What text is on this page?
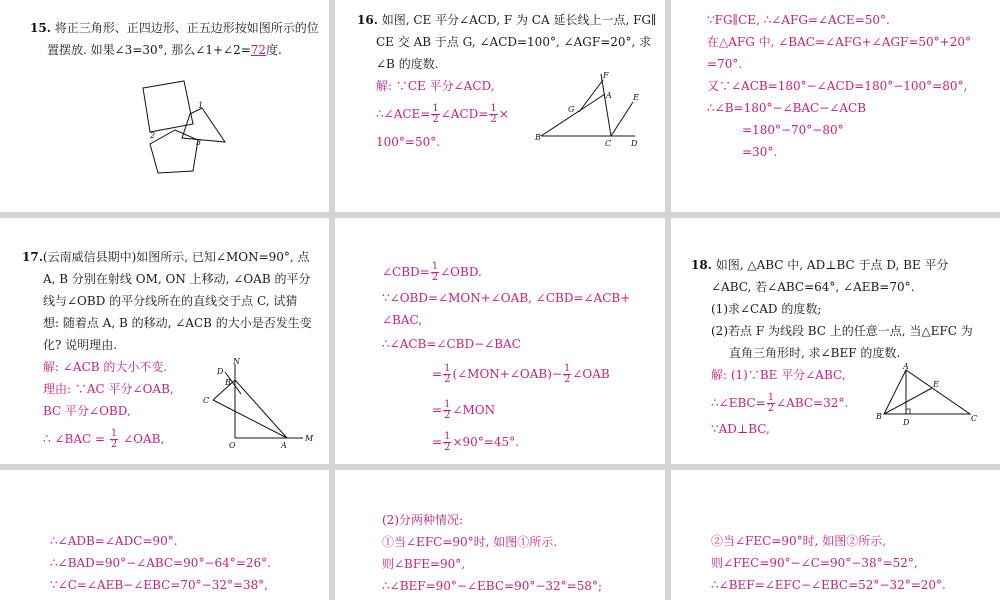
15. 将正三角形、正四边形、正五边形按如图所示的位
置摆放. 如果∠3=30°, 那么∠1+∠2=72度.
1
2
3
16. 如图, CE 平分∠ACD, F 为 CA 延长线上一点, FG∥
CE 交 AB 于点 G, ∠ACD=100°, ∠AGF=20°, 求
∠B 的度数.
解: ∵CE 平分∠ACD,
∴∠ACE= $\frac{1}{2}$ ∠ACD= $\frac{1}{2}$ ×
100°=50°.
F
A	E
G
B
C D
∵FG∥CE, ∴∠AFG=∠ACE=50°.
在△AFG 中, ∠BAC=∠AFG+∠AGF=50°+20°
=70°.
又∵∠ACB=180°−∠ACD=180°−100°=80°,
∴∠B=180°−∠BAC−∠ACB
=180°−70°−80°
=30°.
17.(云南威信县期中)如图所示, 已知∠MON=90°, 点
A, B 分别在射线 OM, ON 上移动, ∠OAB 的平分
线与∠OBD 的平分线所在的直线交于点 C, 试猜
想: 随着点 A, B 的移动, ∠ACB 的大小是否发生变
化? 说明理由.
解: ∠ACB 的大小不变.
理由: ∵AC 平分∠OAB,
BC 平分∠OBD,
∴ ∠BAC = $\frac{1}{2}$ ∠OAB,
N
D
B
C
O	A
M
∠CBD= $\frac{1}{2}$ ∠OBD.
∵∠OBD=∠MON+∠OAB, ∠CBD=∠ACB+
∠BAC,
∴∠ACB=∠CBD−∠BAC
= $\frac{1}{2}$ (∠MON+∠OAB)− $\frac{1}{2}$ ∠OAB
= $\frac{1}{2}$ ∠MON
= $\frac{1}{2} \times 90^\circ=45^\circ$.
18. 如图, △ABC 中, AD⊥BC 于点 D, BE 平分
∠ABC, 若∠ABC=64°, ∠AEB=70°.
(1)求∠CAD 的度数;
(2)若点 F 为线段 BC 上的任意一点, 当△EFC 为
直角三角形时, 求∠BEF 的度数.
解: (1)∵BE 平分∠ABC,
∴∠EBC= $\frac{1}{2}$ ∠ABC=32°.
∵AD⊥BC,
A
E
B
D	C
∴∠ADB=∠ADC=90°.
∴∠BAD=90°−∠ABC=90°−64°=26°.
∵∠C=∠AEB−∠EBC=70°−32°=38°,
(2)分两种情况:
①当∠EFC=90°时, 如图①所示.
则∠BFE=90°,
∴∠BEF=90°−∠EBC=90°−32°=58°;
②当∠FEC=90°时, 如图②所示,
则∠FEC=90°−∠C=90°−38°=52°,
∴∠BEF=∠EFC−∠EBC=52°−32°=20°.
